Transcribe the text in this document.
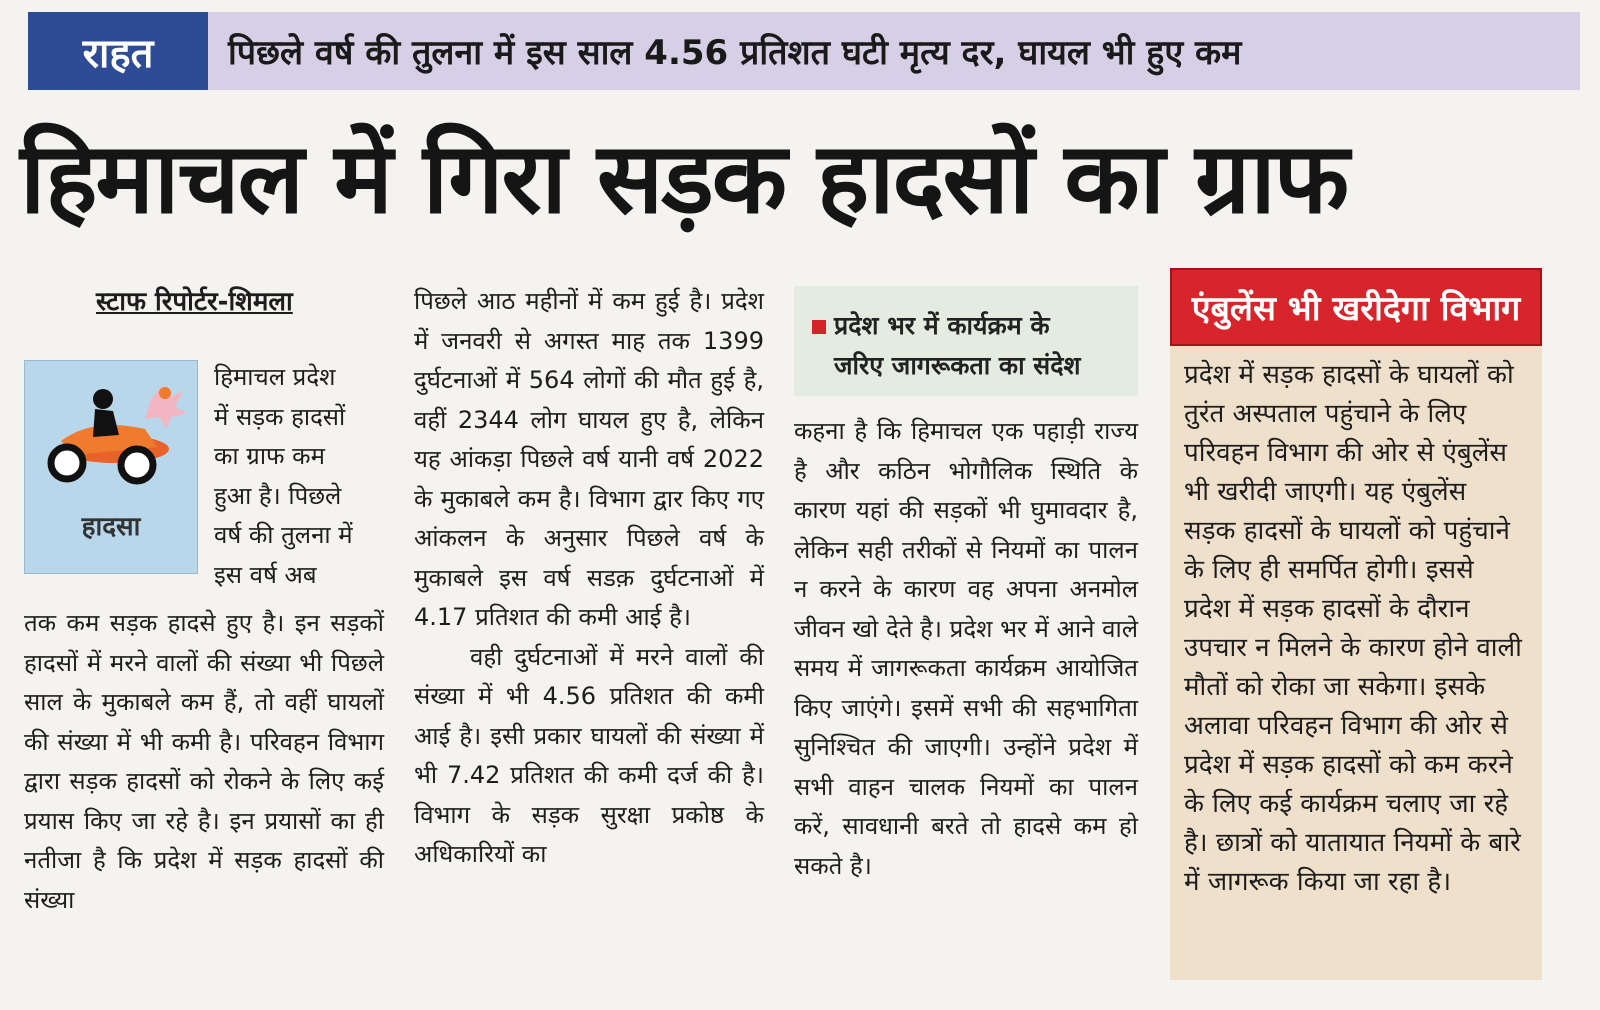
राहत	पिछले वर्ष की तुलना में इस साल 4.56 प्रतिशत घटी मृत्य दर, घायल भी हुए कम
हिमाचल में गिरा सड़क हादसों का ग्राफ
स्टाफ रिपोर्टर-शिमला
हादसा

हिमाचल प्रदेश

में सड़क हादसों

का ग्राफ कम

हुआ है। पिछले

वर्ष की तुलना में

इस वर्ष अब

तक कम सड़क हादसे हुए है। इन सड़कों हादसों में मरने वालों की संख्या भी पिछले साल के मुकाबले कम हैं, तो वहीं घायलों की संख्या में भी कमी है। परिवहन विभाग द्वारा सड़क हादसों को रोकने के लिए कई प्रयास किए जा रहे है। इन प्रयासों का ही नतीजा है कि प्रदेश में सड़क हादसों की संख्या

पिछले आठ महीनों में कम हुई है। प्रदेश में जनवरी से अगस्त माह तक 1399 दुर्घटनाओं में 564 लोगों की मौत हुई है, वहीं 2344 लोग घायल हुए है, लेकिन यह आंकड़ा पिछले वर्ष यानी वर्ष 2022 के मुकाबले कम है। विभाग द्वार किए गए आंकलन के अनुसार पिछले वर्ष के मुकाबले इस वर्ष सडक़ दुर्घटनाओं में 4.17 प्रतिशत की कमी आई है।

वही दुर्घटनाओं में मरने वालों की संख्या में भी 4.56 प्रतिशत की कमी आई है। इसी प्रकार घायलों की संख्या में भी 7.42 प्रतिशत की कमी दर्ज की है। विभाग के सड़क सुरक्षा प्रकोष्ठ के अधिकारियों का

प्रदेश भर में कार्यक्रम के
जरिए जागरूकता का संदेश

कहना है कि हिमाचल एक पहाड़ी राज्य है और कठिन भोगौलिक स्थिति के कारण यहां की सड़कों भी घुमावदार है, लेकिन सही तरीकों से नियमों का पालन न करने के कारण वह अपना अनमोल जीवन खो देते है। प्रदेश भर में आने वाले समय में जागरूकता कार्यक्रम आयोजित किए जाएंगे। इसमें सभी की सहभागिता सुनिश्चित की जाएगी। उन्होंने प्रदेश में सभी वाहन चालक नियमों का पालन करें, सावधानी बरते तो हादसे कम हो सकते है।

एंबुलेंस भी खरीदेगा विभाग

प्रदेश में सड़क हादसों के घायलों को तुरंत अस्पताल पहुंचाने के लिए परिवहन विभाग की ओर से एंबुलेंस भी खरीदी जाएगी। यह एंबुलेंस सड़क हादसों के घायलों को पहुंचाने के लिए ही समर्पित होगी। इससे प्रदेश में सड़क हादसों के दौरान उपचार न मिलने के कारण होने वाली मौतों को रोका जा सकेगा। इसके अलावा परिवहन विभाग की ओर से प्रदेश में सड़क हादसों को कम करने के लिए कई कार्यक्रम चलाए जा रहे है। छात्रों को यातायात नियमों के बारे में जागरूक किया जा रहा है।
